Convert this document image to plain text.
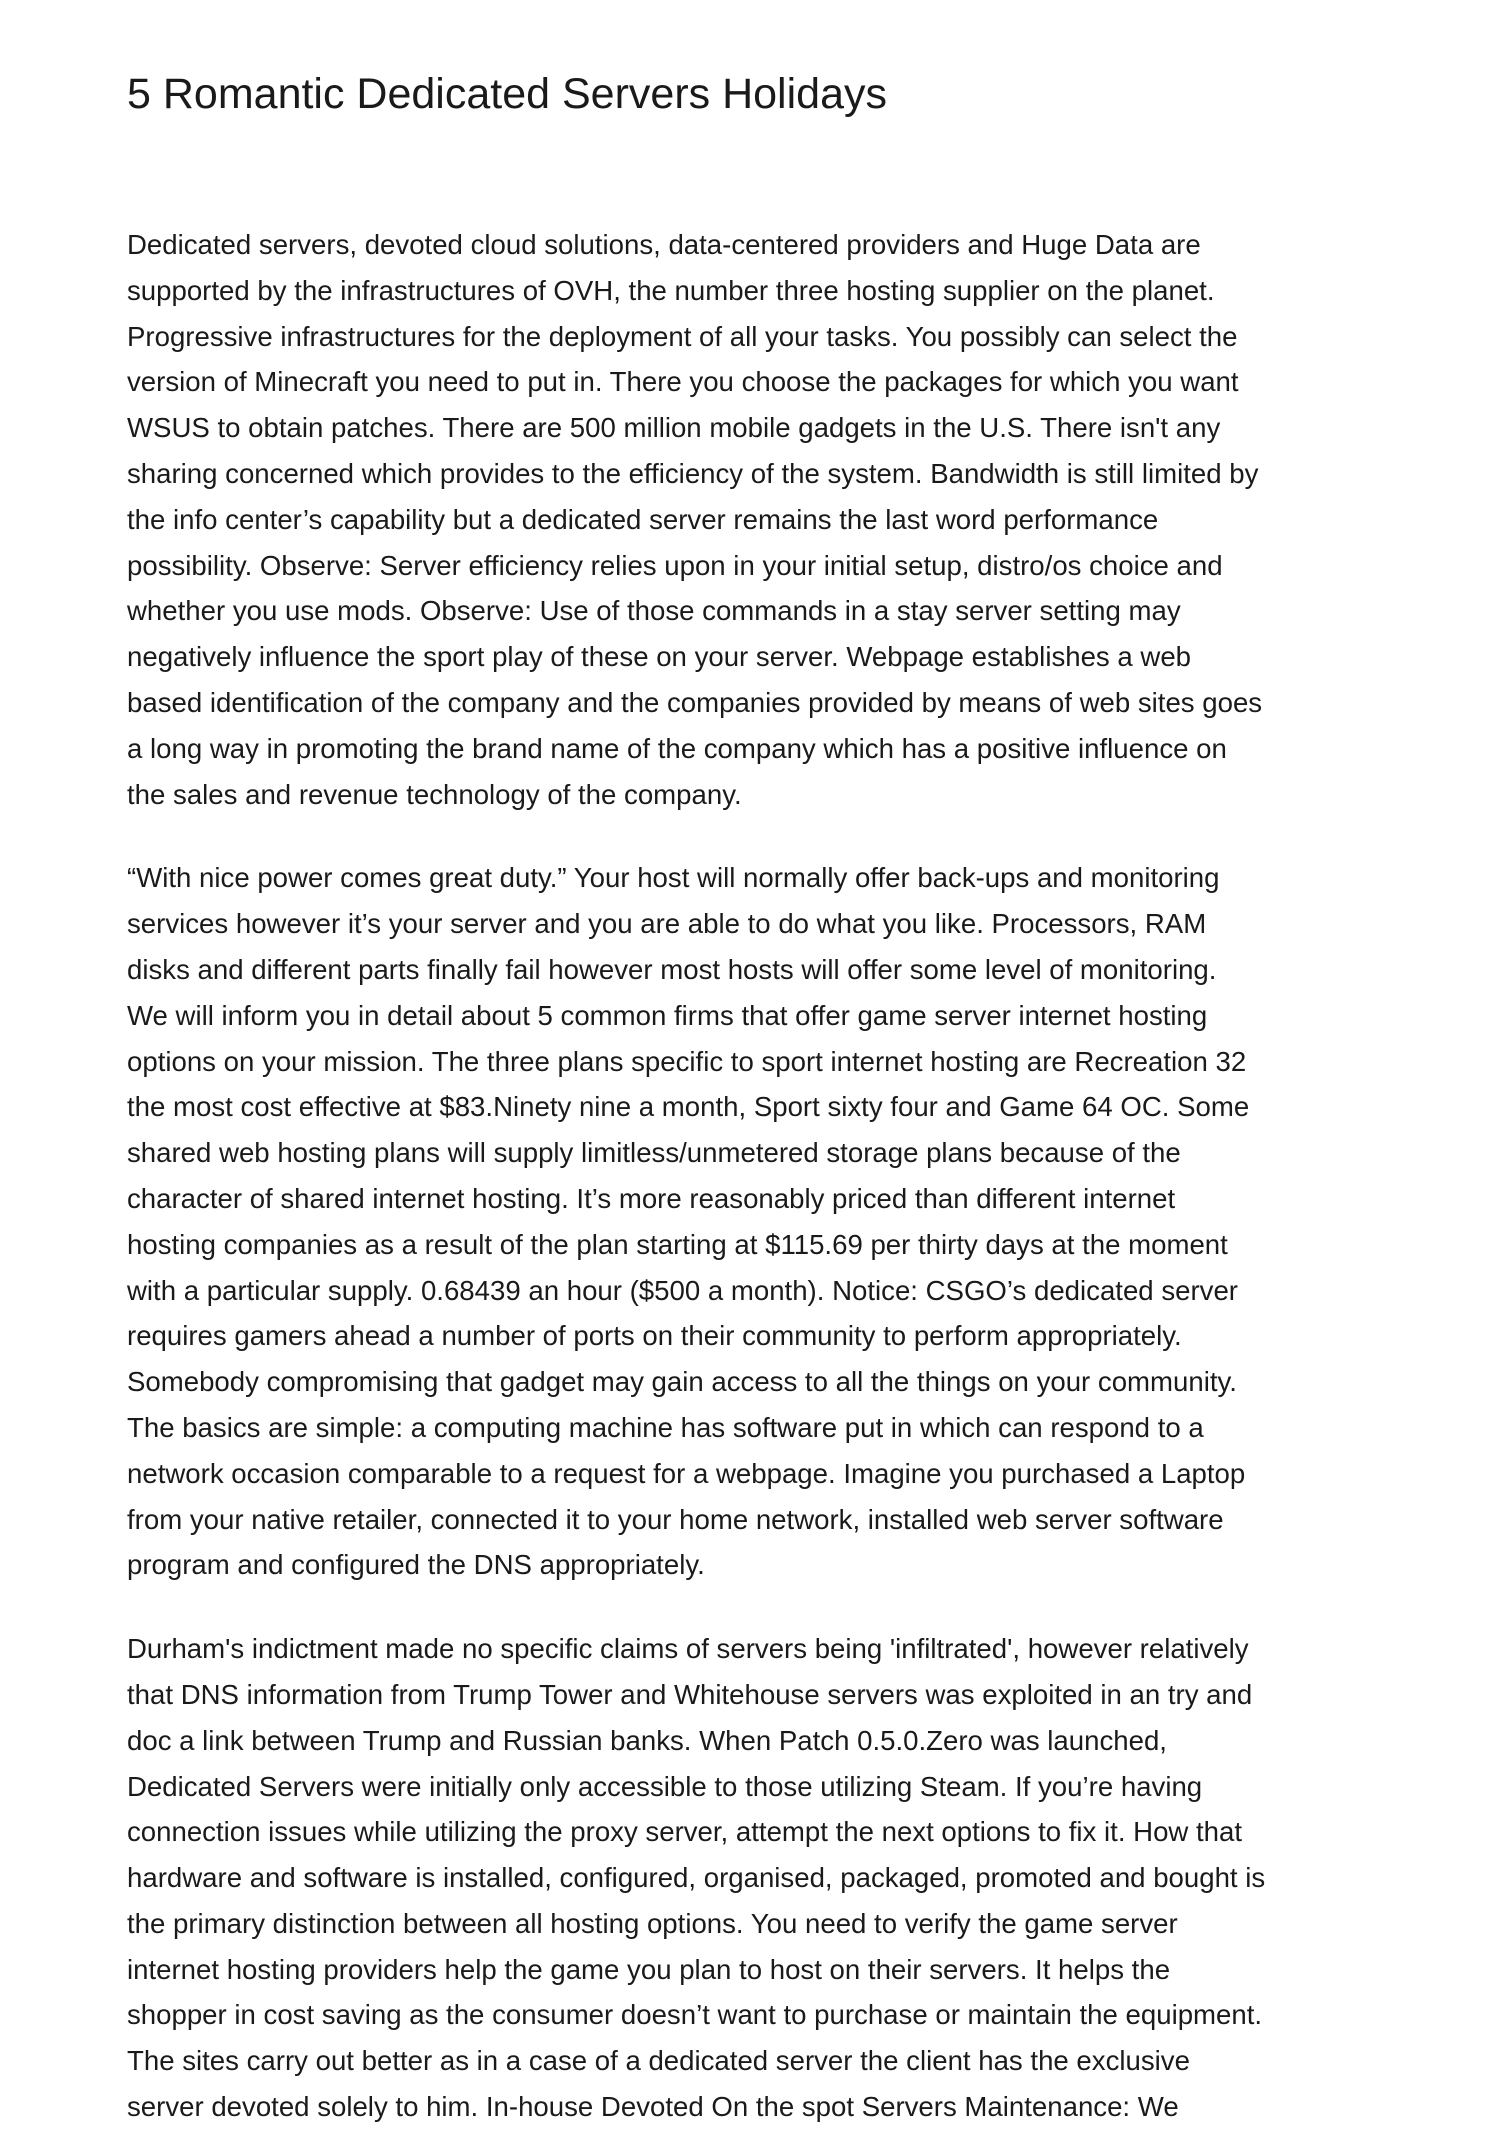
5 Romantic Dedicated Servers Holidays

Dedicated servers, devoted cloud solutions, data-centered providers and Huge Data are
supported by the infrastructures of OVH, the number three hosting supplier on the planet.
Progressive infrastructures for the deployment of all your tasks. You possibly can select the
version of Minecraft you need to put in. There you choose the packages for which you want
WSUS to obtain patches. There are 500 million mobile gadgets in the U.S. There isn't any
sharing concerned which provides to the efficiency of the system. Bandwidth is still limited by
the info center’s capability but a dedicated server remains the last word performance
possibility. Observe: Server efficiency relies upon in your initial setup, distro/os choice and
whether you use mods. Observe: Use of those commands in a stay server setting may
negatively influence the sport play of these on your server. Webpage establishes a web
based identification of the company and the companies provided by means of web sites goes
a long way in promoting the brand name of the company which has a positive influence on
the sales and revenue technology of the company.

“With nice power comes great duty.” Your host will normally offer back-ups and monitoring
services however it’s your server and you are able to do what you like. Processors, RAM
disks and different parts finally fail however most hosts will offer some level of monitoring.
We will inform you in detail about 5 common firms that offer game server internet hosting
options on your mission. The three plans specific to sport internet hosting are Recreation 32
the most cost effective at $83.Ninety nine a month, Sport sixty four and Game 64 OC. Some
shared web hosting plans will supply limitless/unmetered storage plans because of the
character of shared internet hosting. It’s more reasonably priced than different internet
hosting companies as a result of the plan starting at $115.69 per thirty days at the moment
with a particular supply. 0.68439 an hour ($500 a month). Notice: CSGO’s dedicated server
requires gamers ahead a number of ports on their community to perform appropriately.
Somebody compromising that gadget may gain access to all the things on your community.
The basics are simple: a computing machine has software put in which can respond to a
network occasion comparable to a request for a webpage. Imagine you purchased a Laptop
from your native retailer, connected it to your home network, installed web server software
program and configured the DNS appropriately.

Durham's indictment made no specific claims of servers being 'infiltrated', however relatively
that DNS information from Trump Tower and Whitehouse servers was exploited in an try and
doc a link between Trump and Russian banks. When Patch 0.5.0.Zero was launched,
Dedicated Servers were initially only accessible to those utilizing Steam. If you’re having
connection issues while utilizing the proxy server, attempt the next options to fix it. How that
hardware and software is installed, configured, organised, packaged, promoted and bought is
the primary distinction between all hosting options. You need to verify the game server
internet hosting providers help the game you plan to host on their servers. It helps the
shopper in cost saving as the consumer doesn’t want to purchase or maintain the equipment.
The sites carry out better as in a case of a dedicated server the client has the exclusive
server devoted solely to him. In-house Devoted On the spot Servers Maintenance: We
